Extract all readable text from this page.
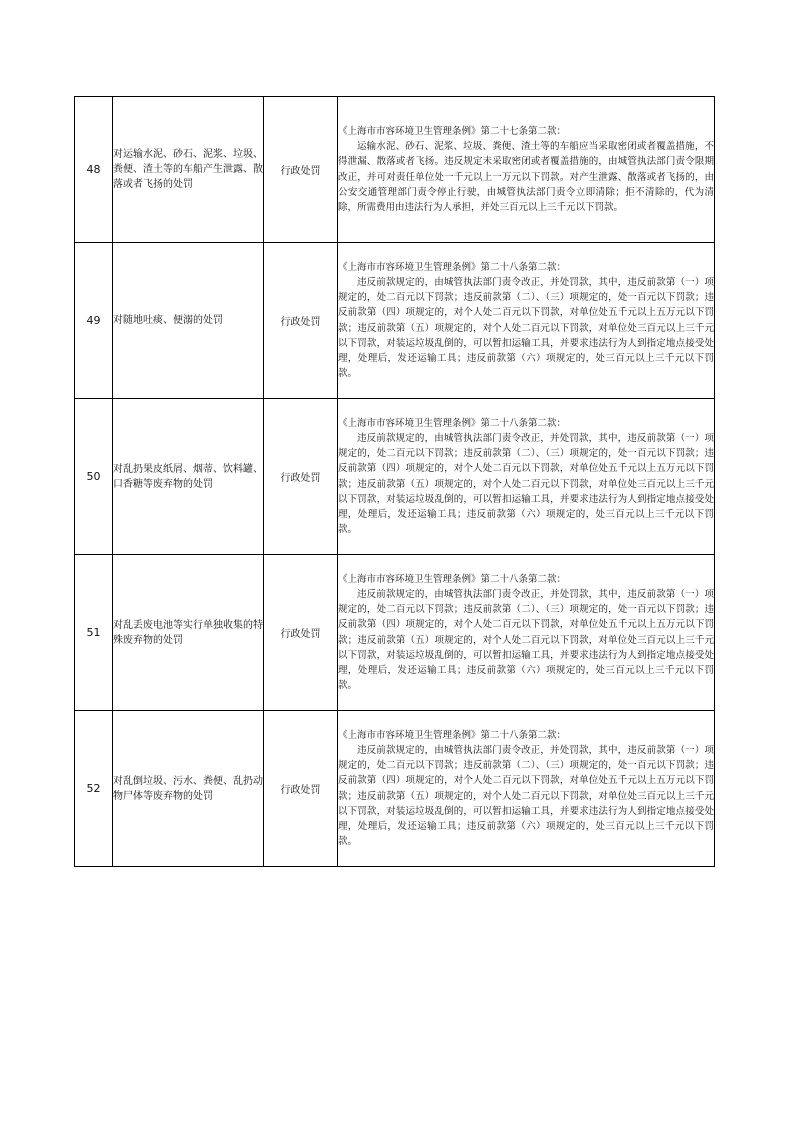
48	对运输水泥、砂石、泥浆、垃圾、粪便、渣土等的车船产生泄露、散落或者飞扬的处罚	行政处罚	《上海市市容环境卫生管理条例》第二十七条第二款：
运输水泥、砂石、泥浆、垃圾、粪便、渣土等的车船应当采取密闭或者覆盖措施，不得泄漏、散落或者飞扬。违反规定未采取密闭或者覆盖措施的，由城管执法部门责令限期改正，并可对责任单位处一千元以上一万元以下罚款。对产生泄露、散落或者飞扬的，由公安交通管理部门责令停止行驶，由城管执法部门责令立即清除；拒不清除的，代为清除，所需费用由违法行为人承担，并处三百元以上三千元以下罚款。

49	对随地吐痰、便溺的处罚	行政处罚	《上海市市容环境卫生管理条例》第二十八条第二款：
违反前款规定的，由城管执法部门责令改正，并处罚款，其中，违反前款第（一）项规定的，处二百元以下罚款；违反前款第（二）、（三）项规定的，处一百元以下罚款；违反前款第（四）项规定的，对个人处二百元以下罚款，对单位处五千元以上五万元以下罚款；违反前款第（五）项规定的，对个人处二百元以下罚款，对单位处三百元以上三千元以下罚款，对装运垃圾乱倒的，可以暂扣运输工具，并要求违法行为人到指定地点接受处理，处理后，发还运输工具；违反前款第（六）项规定的，处三百元以上三千元以下罚款。

50	对乱扔果皮纸屑、烟蒂、饮料罐、口香糖等废弃物的处罚	行政处罚	《上海市市容环境卫生管理条例》第二十八条第二款：
违反前款规定的，由城管执法部门责令改正，并处罚款，其中，违反前款第（一）项规定的，处二百元以下罚款；违反前款第（二）、（三）项规定的，处一百元以下罚款；违反前款第（四）项规定的，对个人处二百元以下罚款，对单位处五千元以上五万元以下罚款；违反前款第（五）项规定的，对个人处二百元以下罚款，对单位处三百元以上三千元以下罚款，对装运垃圾乱倒的，可以暂扣运输工具，并要求违法行为人到指定地点接受处理，处理后，发还运输工具；违反前款第（六）项规定的，处三百元以上三千元以下罚款。

51	对乱丢废电池等实行单独收集的特殊废弃物的处罚	行政处罚	《上海市市容环境卫生管理条例》第二十八条第二款：
违反前款规定的，由城管执法部门责令改正，并处罚款，其中，违反前款第（一）项规定的，处二百元以下罚款；违反前款第（二）、（三）项规定的，处一百元以下罚款；违反前款第（四）项规定的，对个人处二百元以下罚款，对单位处五千元以上五万元以下罚款；违反前款第（五）项规定的，对个人处二百元以下罚款，对单位处三百元以上三千元以下罚款，对装运垃圾乱倒的，可以暂扣运输工具，并要求违法行为人到指定地点接受处理，处理后，发还运输工具；违反前款第（六）项规定的，处三百元以上三千元以下罚款。

52	对乱倒垃圾、污水、粪便、乱扔动物尸体等废弃物的处罚	行政处罚	《上海市市容环境卫生管理条例》第二十八条第二款：
违反前款规定的，由城管执法部门责令改正，并处罚款，其中，违反前款第（一）项规定的，处二百元以下罚款；违反前款第（二）、（三）项规定的，处一百元以下罚款；违反前款第（四）项规定的，对个人处二百元以下罚款，对单位处五千元以上五万元以下罚款；违反前款第（五）项规定的，对个人处二百元以下罚款，对单位处三百元以上三千元以下罚款，对装运垃圾乱倒的，可以暂扣运输工具，并要求违法行为人到指定地点接受处理，处理后，发还运输工具；违反前款第（六）项规定的，处三百元以上三千元以下罚款。
